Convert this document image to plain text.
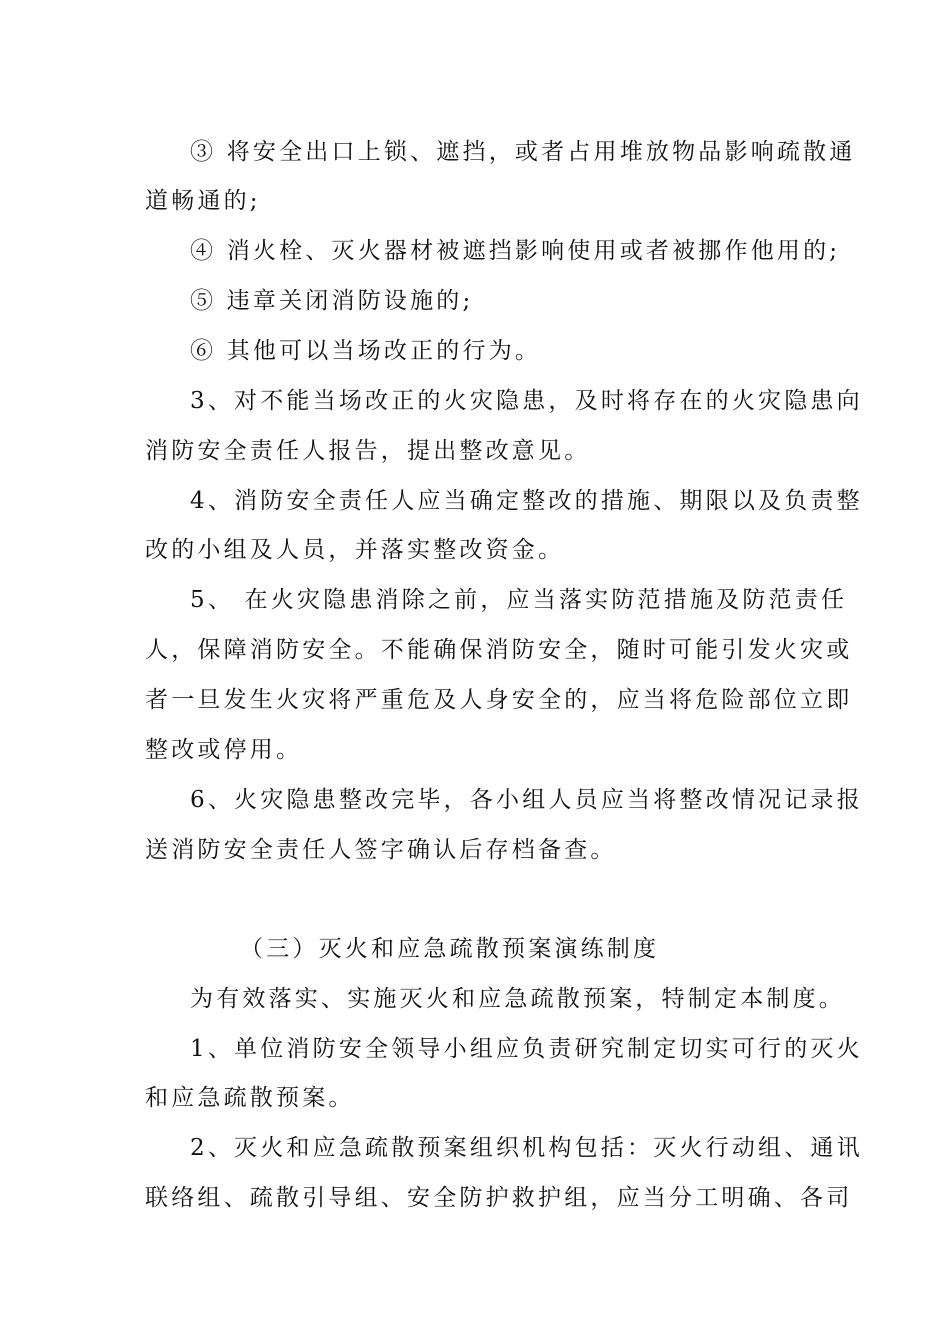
③ 将安全出口上锁、遮挡，或者占用堆放物品影响疏散通
道畅通的;
④ 消火栓、灭火器材被遮挡影响使用或者被挪作他用的;
⑤ 违章关闭消防设施的;
⑥ 其他可以当场改正的行为。
3、对不能当场改正的火灾隐患，及时将存在的火灾隐患向
消防安全责任人报告，提出整改意见。
4、消防安全责任人应当确定整改的措施、期限以及负责整
改的小组及人员，并落实整改资金。
5、 在火灾隐患消除之前，应当落实防范措施及防范责任
人，保障消防安全。不能确保消防安全，随时可能引发火灾或
者一旦发生火灾将严重危及人身安全的，应当将危险部位立即
整改或停用。
6、火灾隐患整改完毕，各小组人员应当将整改情况记录报
送消防安全责任人签字确认后存档备查。
（三）灭火和应急疏散预案演练制度
为有效落实、实施灭火和应急疏散预案，特制定本制度。
1、单位消防安全领导小组应负责研究制定切实可行的灭火
和应急疏散预案。
2、灭火和应急疏散预案组织机构包括：灭火行动组、通讯
联络组、疏散引导组、安全防护救护组，应当分工明确、各司
